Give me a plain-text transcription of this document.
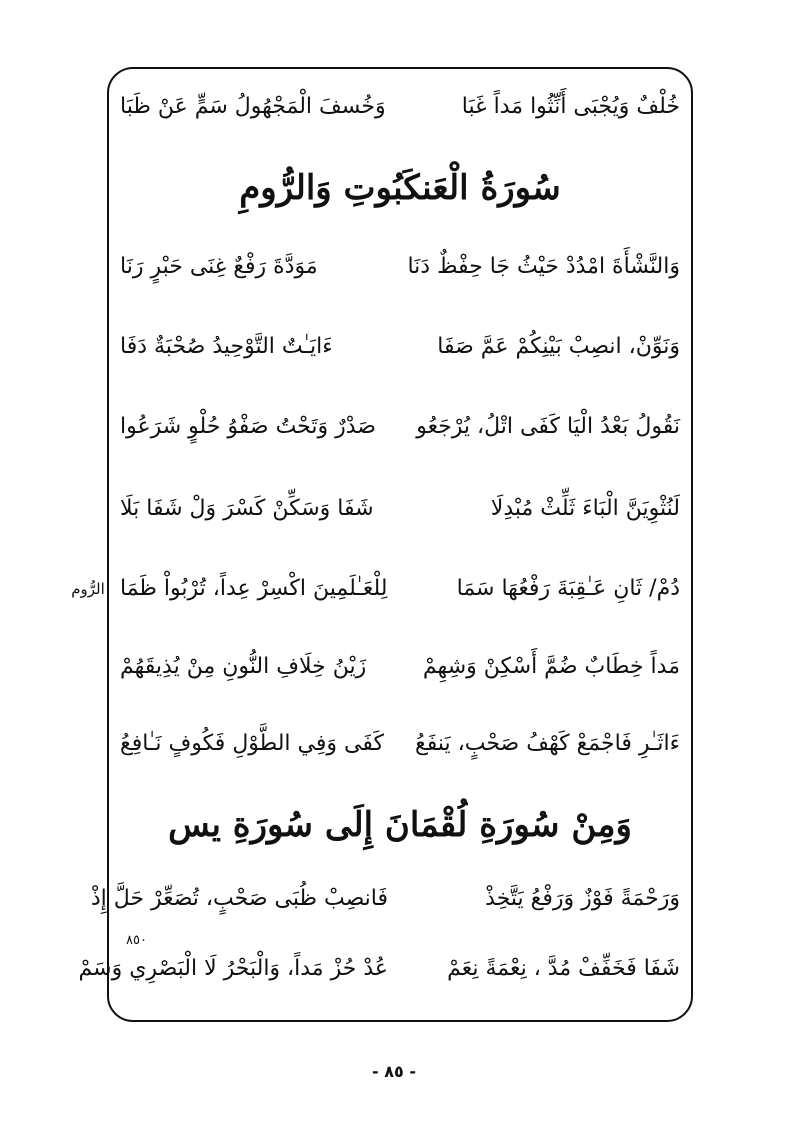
خُلْفٌ وَيُجْبَى أَنِّثُوا مَداً غَبَا
وَخُسفَ الْمَجْهُولُ سَمٍّ عَنْ ظَبَا
سُورَةُ الْعَنكَبُوتِ وَالرُّومِ
وَالنَّشْأَةَ امْدُدْ حَيْثُ جَا حِفْظٌ دَنَا
مَوَدَّةَ رَفْعٌ غِنَى حَبْرٍ رَنَا
وَنَوِّنْ، انصِبْ بَيْنِكُمْ عَمَّ صَفَا
ءَايَـٰتٌ التَّوْحِيدُ صُحْبَةٌ دَفَا
نَقُولُ بَعْدُ الْيَا كَفَى اتْلُ، يُرْجَعُو
صَدْرٌ وَتَحْتُ صَفْوُ حُلْوٍ شَرَعُوا
لَنُثْوِيَنَّ الْبَاءَ ثَلِّثْ مُبْدِلَا
شَفَا وَسَكِّنْ كَسْرَ وَلْ شَفَا بَلَا
دُمْ/ ثَانِ عَـٰقِبَةَ رَفْعُهَا سَمَا
لِلْعَـٰلَمِينَ اكْسِرْ عِداً، تُرْبُواْ ظَمَا
الرُّوم
مَداً خِطَابٌ ضُمَّ أَسْكِنْ وَشِهِمْ
زَيْنُ خِلَافِ النُّونِ مِنْ يُذِيقَهُمْ
ءَاثَـٰرِ فَاجْمَعْ كَهْفُ صَحْبٍ، يَنفَعُ
كَفَى وَفِي الطَّوْلِ فَكُوفٍ نَـٰافِعُ
وَمِنْ سُورَةِ لُقْمَانَ إِلَى سُورَةِ يس
وَرَحْمَةً فَوْزٌ وَرَفْعُ يَتَّخِذْ
فَانصِبْ ظُبَى صَحْبٍ، تُصَعِّرْ حَلَّ إِذْ
٨٥٠
شَفَا فَخَفِّفْ مُدَّ ، نِعْمَةً نِعَمْ
عُدْ حُزْ مَداً، وَالْبَحْرُ لَا الْبَصْرِي وَسَمْ
- ٨٥ -
